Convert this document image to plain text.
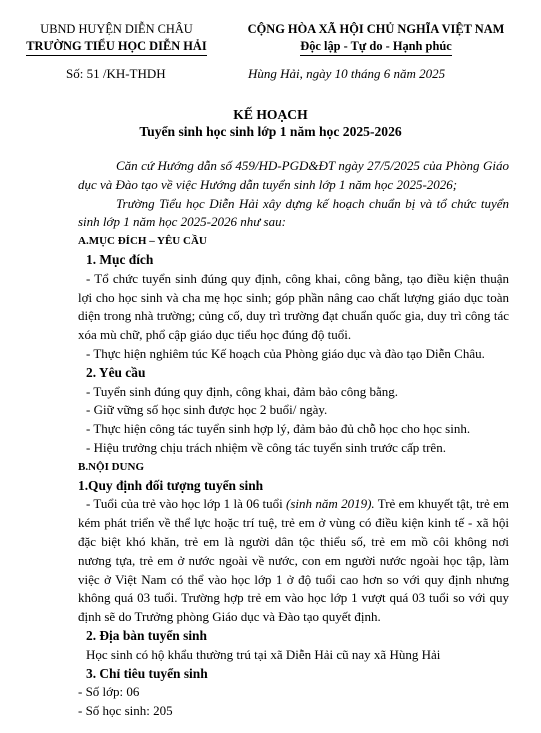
UBND HUYỆN DIỄN CHÂU
TRƯỜNG TIỂU HỌC DIỄN HẢI
CỘNG HÒA XÃ HỘI CHỦ NGHĨA VIỆT NAM
Độc lập - Tự do - Hạnh phúc
Số: 51 /KH-THDH	Hùng Hải, ngày 10 tháng 6 năm 2025
KẾ HOẠCH
Tuyển sinh học sinh lớp 1 năm học 2025-2026

Căn cứ Hướng dẫn số 459/HD-PGD&ĐT ngày 27/5/2025 của Phòng Giáo dục và Đào tạo về việc Hướng dẫn tuyển sinh lớp 1 năm học 2025-2026;

Trường Tiểu học Diễn Hải xây dựng kế hoạch chuẩn bị và tổ chức tuyển sinh lớp 1 năm học 2025-2026 như sau:

A.MỤC ĐÍCH – YÊU CẦU

1. Mục đích

- Tổ chức tuyển sinh đúng quy định, công khai, công bằng, tạo điều kiện thuận lợi cho học sinh và cha mẹ học sinh; góp phần nâng cao chất lượng giáo dục toàn diện trong nhà trường; củng cố, duy trì trường đạt chuẩn quốc gia, duy trì công tác xóa mù chữ, phổ cập giáo dục tiểu học đúng độ tuổi.

- Thực hiện nghiêm túc Kế hoạch của Phòng giáo dục và đào tạo Diễn Châu.

2. Yêu cầu

- Tuyển sinh đúng quy định, công khai, đảm bảo công bằng.

- Giữ vững số học sinh được học 2 buổi/ ngày.

- Thực hiện công tác tuyển sinh hợp lý, đảm bảo đủ chỗ học cho học sinh.

- Hiệu trưởng chịu trách nhiệm về công tác tuyển sinh trước cấp trên.

B.NỘI DUNG

1.Quy định đối tượng tuyển sinh

- Tuổi của trẻ vào học lớp 1 là 06 tuổi (sinh năm 2019). Trẻ em khuyết tật, trẻ em kém phát triển về thể lực hoặc trí tuệ, trẻ em ở vùng có điều kiện kinh tế - xã hội đặc biệt khó khăn, trẻ em là người dân tộc thiểu số, trẻ em mồ côi không nơi nương tựa, trẻ em ở nước ngoài về nước, con em người nước ngoài học tập, làm việc ở Việt Nam có thể vào học lớp 1 ở độ tuổi cao hơn so với quy định nhưng không quá 03 tuổi. Trường hợp trẻ em vào học lớp 1 vượt quá 03 tuổi so với quy định sẽ do Trưởng phòng Giáo dục và Đào tạo quyết định.

2. Địa bàn tuyển sinh

Học sinh có hộ khẩu thường trú tại xã Diễn Hải cũ nay xã Hùng Hải

3. Chỉ tiêu tuyển sinh

- Số lớp: 06

- Số học sinh: 205
